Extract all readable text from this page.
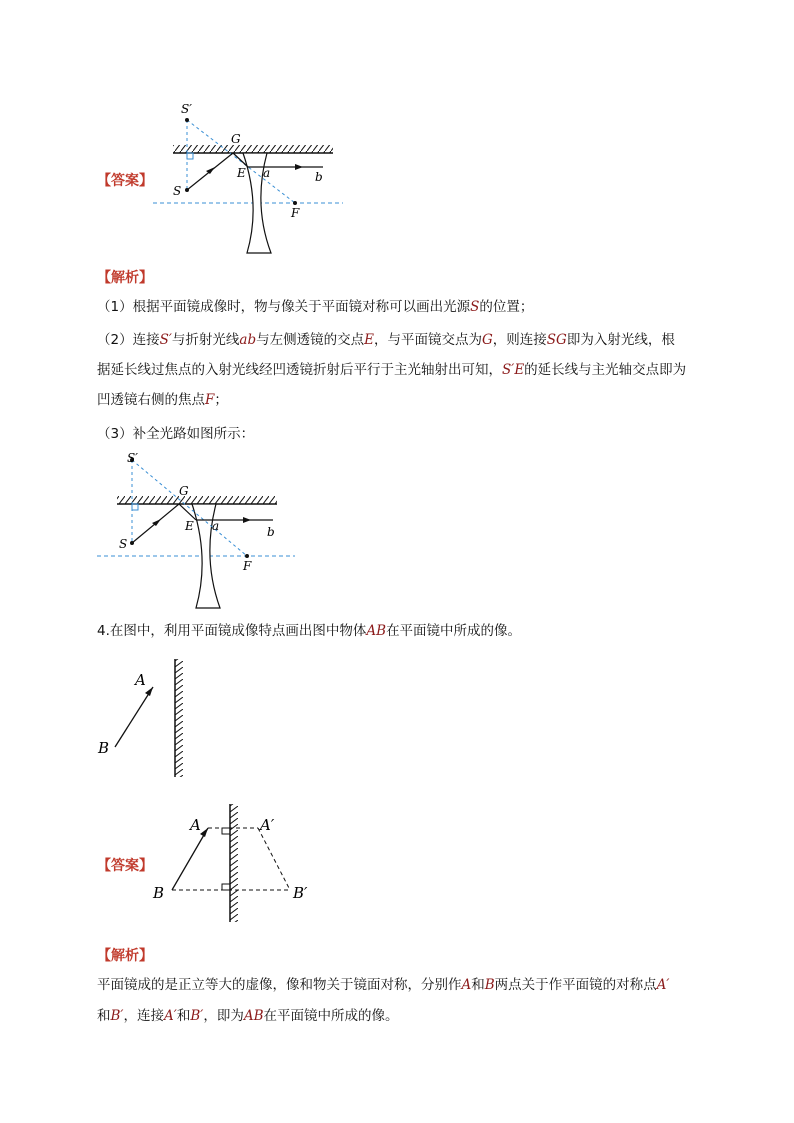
【答案】
S′
G
E a	b
S
F
【解析】
（1）根据平面镜成像时，物与像关于平面镜对称可以画出光源S的位置；
（2）连接S′与折射光线ab与左侧透镜的交点E，与平面镜交点为G，则连接SG即为入射光线，根
据延长线过焦点的入射光线经凹透镜折射后平行于主光轴射出可知，S′E的延长线与主光轴交点即为
凹透镜右侧的焦点F；
（3）补全光路如图所示：
S′
G
E a	b
S
F
4.在图中，利用平面镜成像特点画出图中物体AB在平面镜中所成的像。
A
B
【答案】
A	A′
B	B′
【解析】
平面镜成的是正立等大的虚像，像和物关于镜面对称，分别作A和B两点关于作平面镜的对称点A′
和B′，连接A′和B′，即为AB在平面镜中所成的像。
